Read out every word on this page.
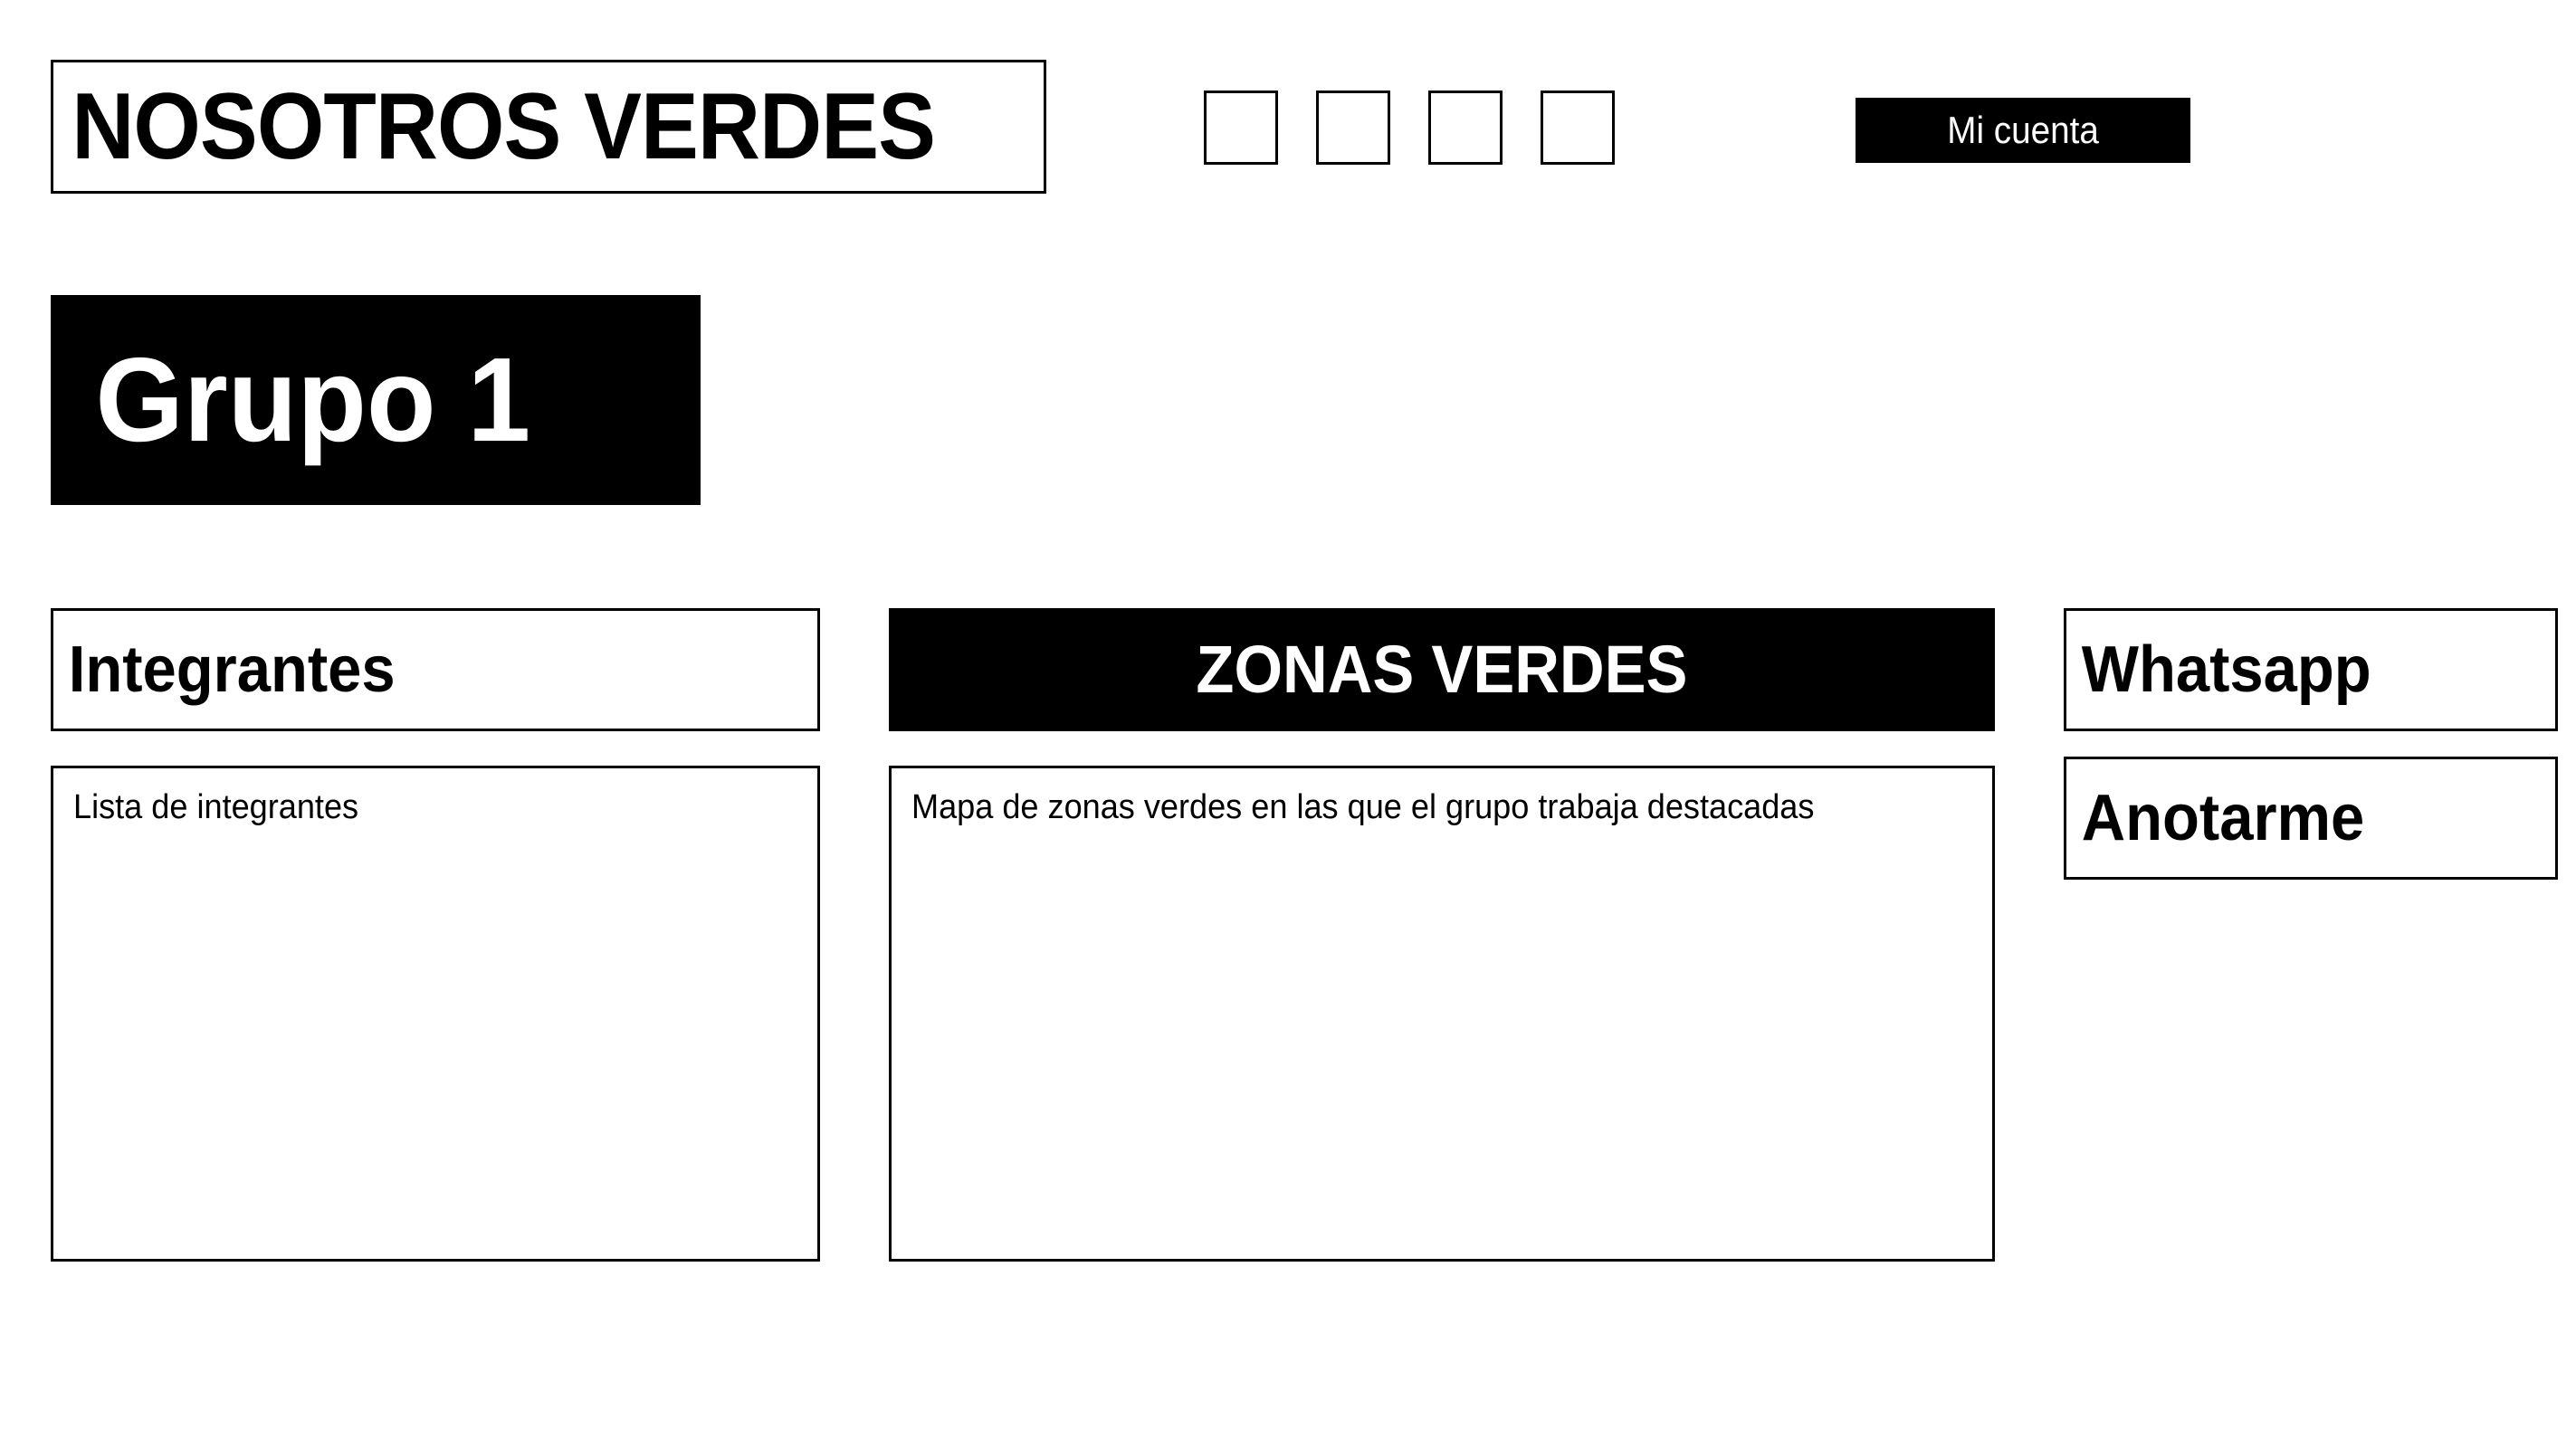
NOSOTROS VERDES	Mi cuenta
Grupo 1
Integrantes
Lista de integrantes
ZONAS VERDES
Mapa de zonas verdes en las que el grupo trabaja destacadas
Whatsapp
Anotarme
